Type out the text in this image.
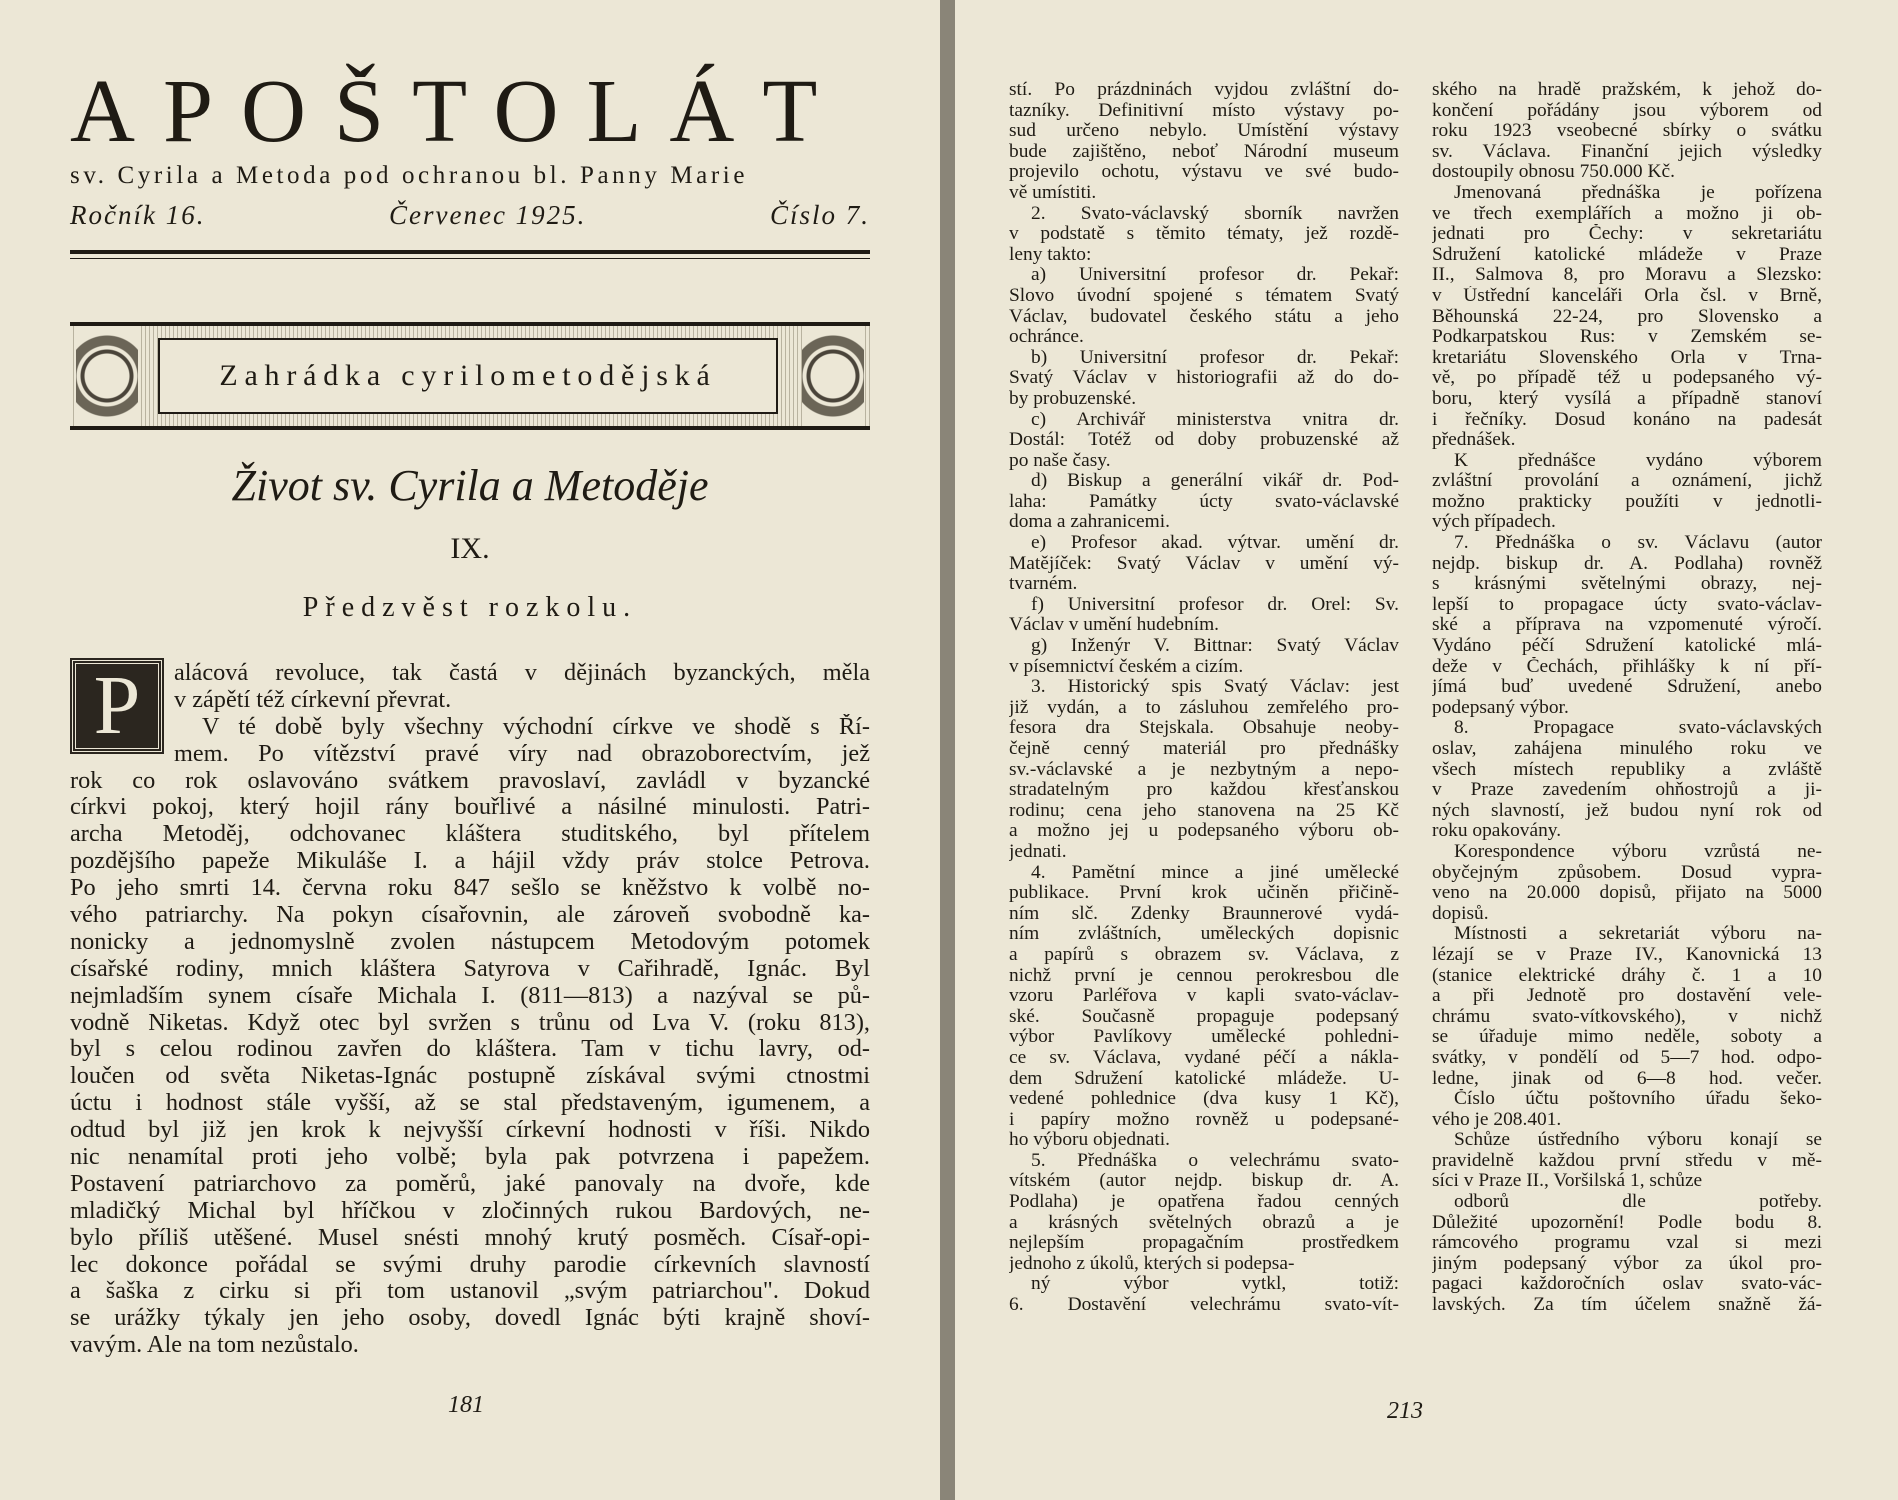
APOŠTOLÁT
sv. Cyrila a Metoda pod ochranou bl. Panny Marie
Ročník 16.	Červenec 1925.	Číslo 7.
Zahrádka cyrilometodějská
Život sv. Cyrila a Metoděje
IX.
Předzvěst rozkolu.
alácová revoluce, tak častá v dějinách byzanckých, měla
v zápětí též církevní převrat.
V té době byly všechny východní církve ve shodě s Ří-
mem. Po vítězství pravé víry nad obrazoborectvím, jež
rok co rok oslavováno svátkem pravoslaví, zavládl v byzancké
církvi pokoj, který hojil rány bouřlivé a násilné minulosti. Patri-
archa Metoděj, odchovanec kláštera studitského, byl přítelem
pozdějšího papeže Mikuláše I. a hájil vždy práv stolce Petrova.
Po jeho smrti 14. června roku 847 sešlo se kněžstvo k volbě no-
vého patriarchy. Na pokyn císařovnin, ale zároveň svobodně ka-
nonicky a jednomyslně zvolen nástupcem Metodovým potomek
císařské rodiny, mnich kláštera Satyrova v Cařihradě, Ignác. Byl
nejmladším synem císaře Michala I. (811—813) a nazýval se pů-
vodně Niketas. Když otec byl svržen s trůnu od Lva V. (roku 813),
byl s celou rodinou zavřen do kláštera. Tam v tichu lavry, od-
loučen od světa Niketas-Ignác postupně získával svými ctnostmi
úctu i hodnost stále vyšší, až se stal představeným, igumenem, a
odtud byl již jen krok k nejvyšší církevní hodnosti v říši. Nikdo
nic nenamítal proti jeho volbě; byla pak potvrzena i papežem.
Postavení patriarchovo za poměrů, jaké panovaly na dvoře, kde
mladičký Michal byl hříčkou v zločinných rukou Bardových, ne-
bylo příliš utěšené. Musel snésti mnohý krutý posměch. Císař-opi-
lec dokonce pořádal se svými druhy parodie církevních slavností
a šaška z cirku si při tom ustanovil „svým patriarchou". Dokud
se urážky týkaly jen jeho osoby, dovedl Ignác býti krajně shoví-
vavým. Ale na tom nezůstalo.
P
181
stí. Po prázdninách vyjdou zvláštní do-
tazníky. Definitivní místo výstavy po-
sud určeno nebylo. Umístění výstavy
bude zajištěno, neboť Národní museum
projevilo ochotu, výstavu ve své budo-
vě umístiti.
2. Svato-václavský sborník navržen
v podstatě s těmito tématy, jež rozdě-
leny takto:
a) Universitní profesor dr. Pekař:
Slovo úvodní spojené s tématem Svatý
Václav, budovatel českého státu a jeho
ochránce.
b) Universitní profesor dr. Pekař:
Svatý Václav v historiografii až do do-
by probuzenské.
c) Archivář ministerstva vnitra dr.
Dostál: Totéž od doby probuzenské až
po naše časy.
d) Biskup a generální vikář dr. Pod-
laha: Památky úcty svato-václavské
doma a zahranicemi.
e) Profesor akad. výtvar. umění dr.
Matějíček: Svatý Václav v umění vý-
tvarném.
f) Universitní profesor dr. Orel: Sv.
Václav v umění hudebním.
g) Inženýr V. Bittnar: Svatý Václav
v písemnictví českém a cizím.
3. Historický spis Svatý Václav: jest
již vydán, a to zásluhou zemřelého pro-
fesora dra Stejskala. Obsahuje neoby-
čejně cenný materiál pro přednášky
sv.-václavské a je nezbytným a nepo-
stradatelným pro každou křesťanskou
rodinu; cena jeho stanovena na 25 Kč
a možno jej u podepsaného výboru ob-
jednati.
4. Pamětní mince a jiné umělecké
publikace. První krok učiněn přičině-
ním slč. Zdenky Braunnerové vydá-
ním zvláštních, uměleckých dopisnic
a papírů s obrazem sv. Václava, z
nichž první je cennou perokresbou dle
vzoru Parléřova v kapli svato-václav-
ské. Současně propaguje podepsaný
výbor Pavlíkovy umělecké pohledni-
ce sv. Václava, vydané péčí a nákla-
dem Sdružení katolické mládeže. U-
vedené pohlednice (dva kusy 1 Kč),
i papíry možno rovněž u podepsané-
ho výboru objednati.
5. Přednáška o velechrámu svato-
vítském (autor nejdp. biskup dr. A.
Podlaha) je opatřena řadou cenných
a krásných světelných obrazů a je
nejlepším propagačním prostředkem
jednoho z úkolů, kterých si podepsa-
ný výbor vytkl, totiž:
6. Dostavění velechrámu svato-vít-
ského na hradě pražském, k jehož do-
končení pořádány jsou výborem od
roku 1923 vseobecné sbírky o svátku
sv. Václava. Finanční jejich výsledky
dostoupily obnosu 750.000 Kč.
Jmenovaná přednáška je pořízena
ve třech exemplářích a možno ji ob-
jednati pro Čechy: v sekretariátu
Sdružení katolické mládeže v Praze
II., Salmova 8, pro Moravu a Slezsko:
v Ústřední kanceláři Orla čsl. v Brně,
Běhounská 22-24, pro Slovensko a
Podkarpatskou Rus: v Zemském se-
kretariátu Slovenského Orla v Trna-
vě, po případě též u podepsaného vý-
boru, který vysílá a případně stanoví
i řečníky. Dosud konáno na padesát
přednášek.
K přednášce vydáno výborem
zvláštní provolání a oznámení, jichž
možno prakticky použíti v jednotli-
vých případech.
7. Přednáška o sv. Václavu (autor
nejdp. biskup dr. A. Podlaha) rovněž
s krásnými světelnými obrazy, nej-
lepší to propagace úcty svato-václav-
ské a příprava na vzpomenuté výročí.
Vydáno péčí Sdružení katolické mlá-
deže v Čechách, přihlášky k ní pří-
jímá buď uvedené Sdružení, anebo
podepsaný výbor.
8. Propagace svato-václavských
oslav, zahájena minulého roku ve
všech místech republiky a zvláště
v Praze zavedením ohňostrojů a ji-
ných slavností, jež budou nyní rok od
roku opakovány.
Korespondence výboru vzrůstá ne-
obyčejným způsobem. Dosud vypra-
veno na 20.000 dopisů, přijato na 5000
dopisů.
Místnosti a sekretariát výboru na-
lézají se v Praze IV., Kanovnická 13
(stanice elektrické dráhy č. 1 a 10
a při Jednotě pro dostavění vele-
chrámu svato-vítkovského), v nichž
se úřaduje mimo neděle, soboty a
svátky, v pondělí od 5—7 hod. odpo-
ledne, jinak od 6—8 hod. večer.
Číslo účtu poštovního úřadu šeko-
vého je 208.401.
Schůze ústředního výboru konají se
pravidelně každou první středu v mě-
síci v Praze II., Voršilská 1, schůze
odborů dle potřeby.
Důležité upozornění! Podle bodu 8.
rámcového programu vzal si mezi
jiným podepsaný výbor za úkol pro-
pagaci každoročních oslav svato-vác-
lavských. Za tím účelem snažně žá-
213
